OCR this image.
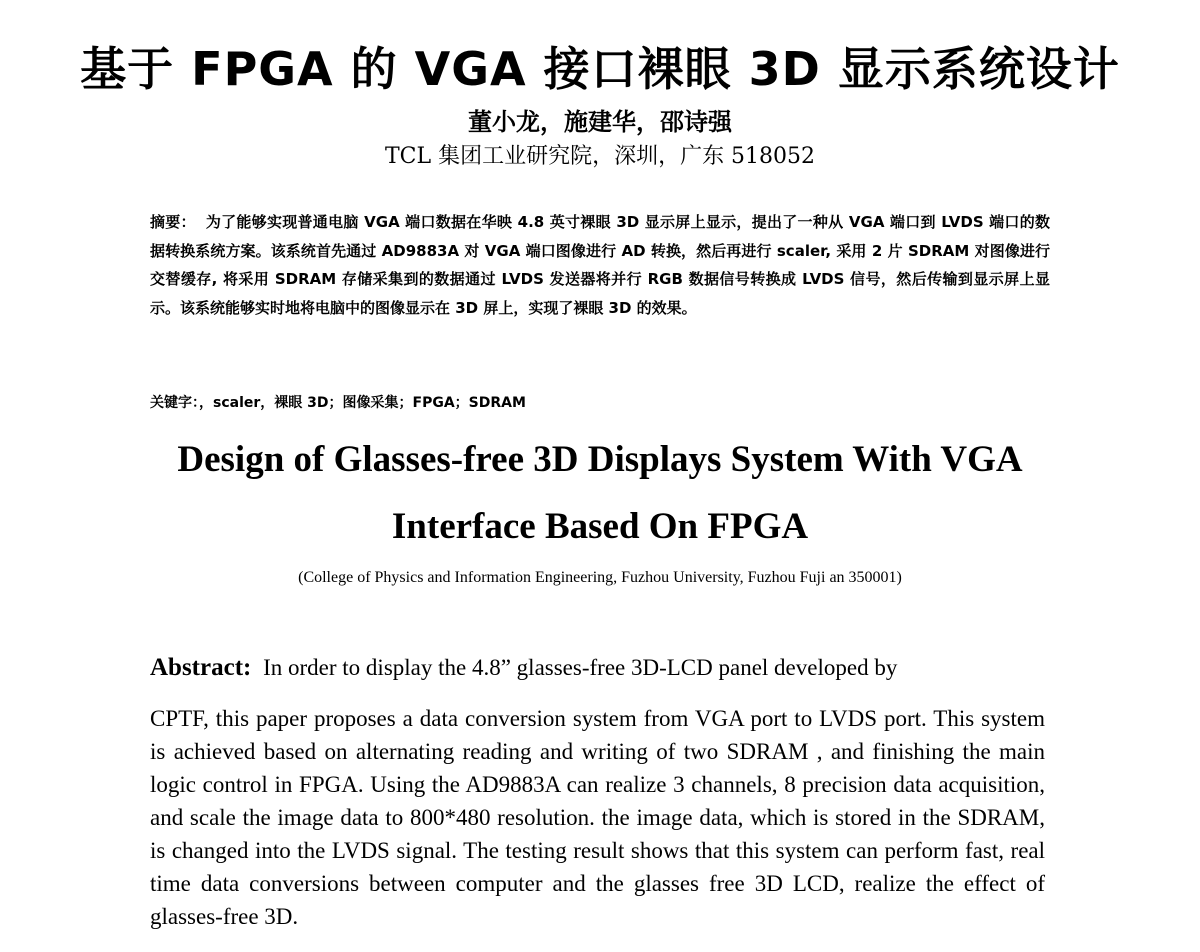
基于 FPGA 的 VGA 接口裸眼 3D 显示系统设计
董小龙，施建华，邵诗强
TCL 集团工业研究院，深圳，广东 518052
摘要： 为了能够实现普通电脑 VGA 端口数据在华映 4.8 英寸裸眼 3D 显示屏上显示，提出了一种从 VGA 端口到 LVDS 端口的数据转换系统方案。该系统首先通过 AD9883A 对 VGA 端口图像进行 AD 转换，然后再进行 scaler, 采用 2 片 SDRAM 对图像进行交替缓存, 将采用 SDRAM 存储采集到的数据通过 LVDS 发送器将并行 RGB 数据信号转换成 LVDS 信号，然后传输到显示屏上显示。该系统能够实时地将电脑中的图像显示在 3D 屏上，实现了裸眼 3D 的效果。
关键字：，scaler，裸眼 3D；图像采集；FPGA；SDRAM
Design of Glasses-free 3D Displays System With VGA
Interface Based On FPGA
(College of Physics and Information Engineering, Fuzhou University, Fuzhou Fuji an 350001)
Abstract: In order to display the 4.8” glasses-free 3D-LCD panel developed by
CPTF, this paper proposes a data conversion system from VGA port to LVDS port. This system is achieved based on alternating reading and writing of two SDRAM , and finishing the main logic control in FPGA. Using the AD9883A can realize 3 channels, 8 precision data acquisition, and scale the image data to 800*480 resolution. the image data, which is stored in the SDRAM, is changed into the LVDS signal. The testing result shows that this system can perform fast, real time data conversions between computer and the glasses free 3D LCD, realize the effect of glasses-free 3D.
